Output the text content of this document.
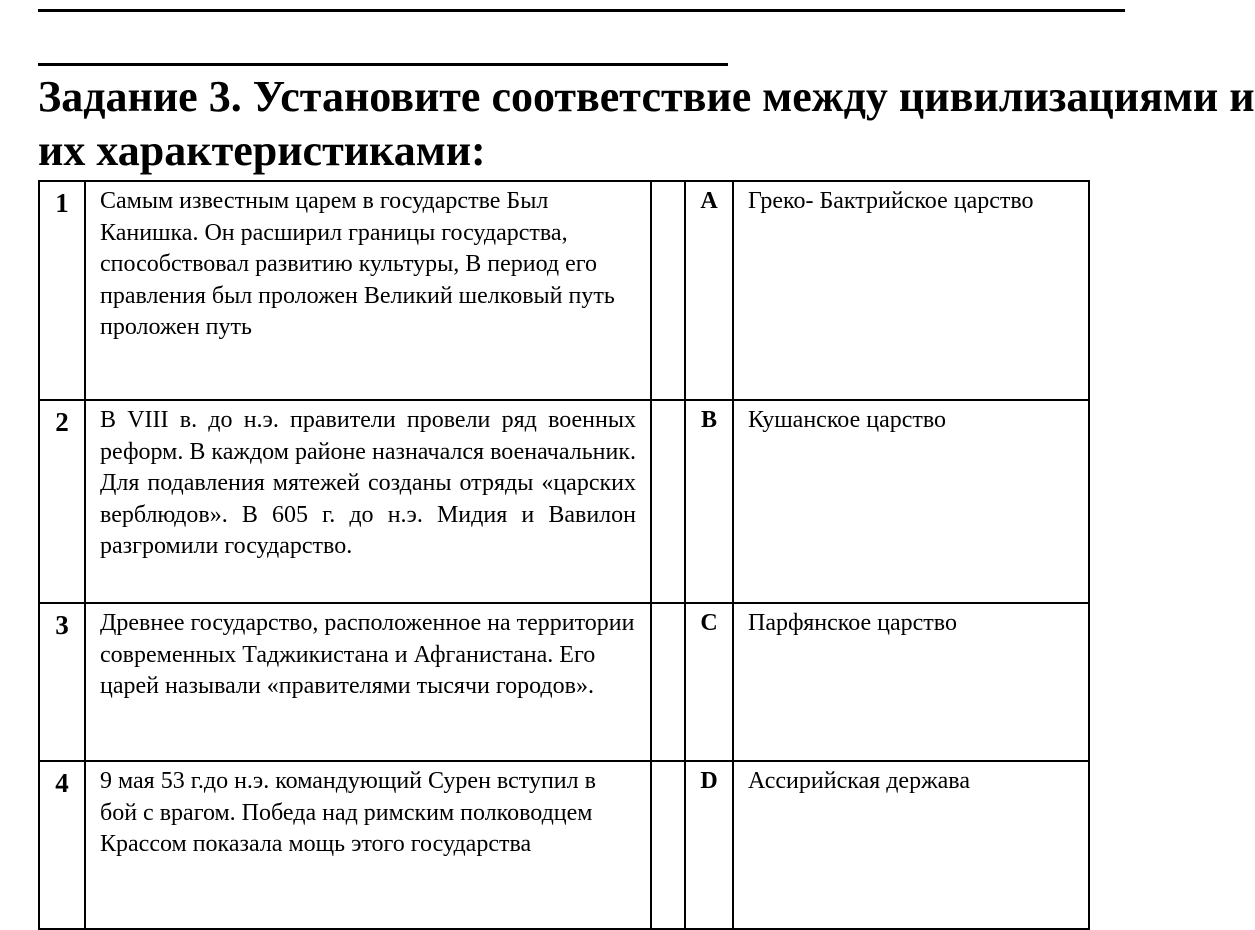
Задание 3. Установите соответствие между цивилизациями и
их характеристиками:
1	Самым известным царем в государстве Был Канишка. Он расширил границы государства, способствовал развитию культуры, В период его правления был проложен Великий шелковый путь проложен путь		A	Греко- Бактрийское царство
2	В VIII в. до н.э. правители провели ряд военных реформ. В каждом районе назначался военачальник. Для подавления мятежей созданы отряды «царских верблюдов». В 605 г. до н.э. Мидия и Вавилон разгромили государство.		B	Кушанское царство
3	Древнее государство, расположенное на территории современных Таджикистана и Афганистана. Его царей называли «правителями тысячи городов».		C	Парфянское царство
4	9 мая 53 г.до н.э. командующий Сурен вступил в бой с врагом. Победа над римским полководцем Крассом показала мощь этого государства		D	Ассирийская держава
